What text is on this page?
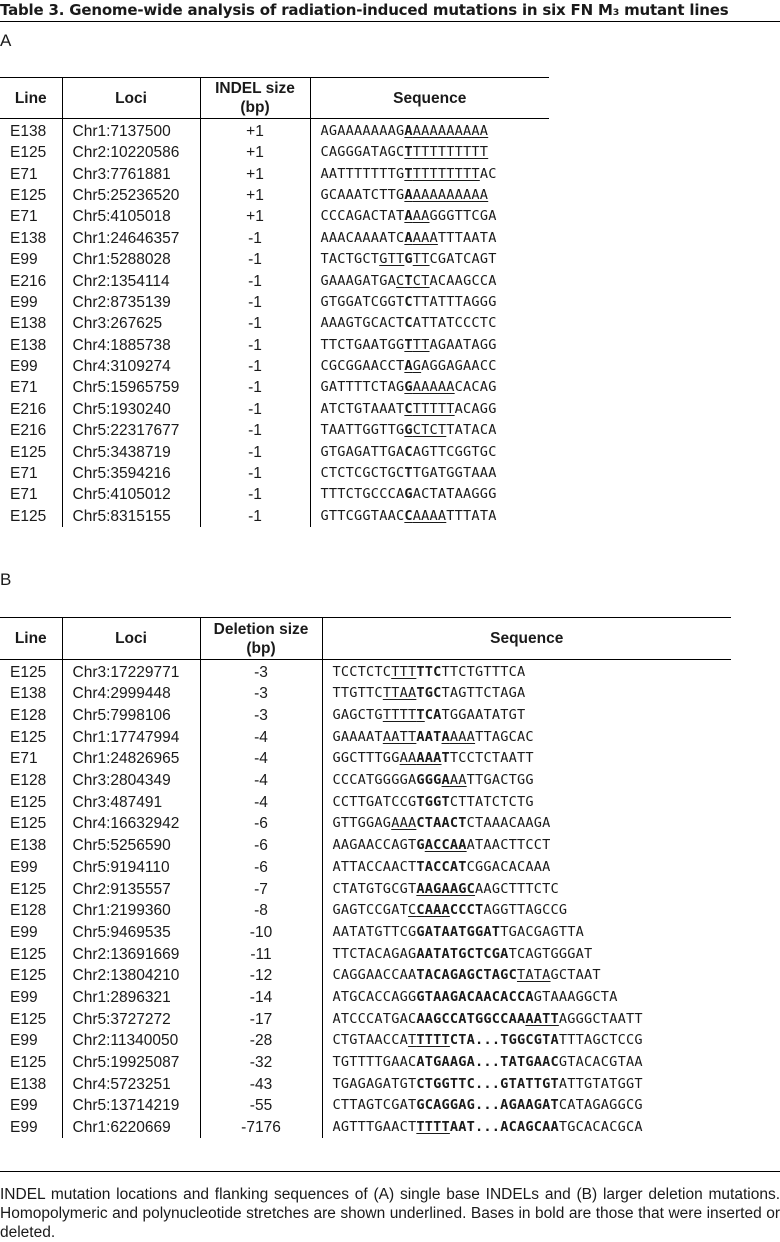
Table 3. Genome-wide analysis of radiation-induced mutations in six FN M₃ mutant lines
A
Line	Loci	INDEL size (bp)	Sequence
E138	Chr1:7137500	+1	AGAAAAAAAGAAAAAAAAAA
E125	Chr2:10220586	+1	CAGGGATAGCTTTTTTTTTT
E71	Chr3:7761881	+1	AATTTTTTTGTTTTTTTTTAC
E125	Chr5:25236520	+1	GCAAATCTTGAAAAAAAAAA
E71	Chr5:4105018	+1	CCCAGACTATAAAGGGTTCGA
E138	Chr1:24646357	-1	AAACAAAATCAAAATTTAATA
E99	Chr1:5288028	-1	TACTGCTGTTGTTCGATCAGT
E216	Chr2:1354114	-1	GAAAGATGACTCTACAAGCCA
E99	Chr2:8735139	-1	GTGGATCGGTCTTATTTAGGG
E138	Chr3:267625	-1	AAAGTGCACTCATTATCCCTC
E138	Chr4:1885738	-1	TTCTGAATGGTTTAGAATAGG
E99	Chr4:3109274	-1	CGCGGAACCTAGAGGAGAACC
E71	Chr5:15965759	-1	GATTTTCTAGGAAAAACACAG
E216	Chr5:1930240	-1	ATCTGTAAATCTTTTTACAGG
E216	Chr5:22317677	-1	TAATTGGTTGGCTCTTATACA
E125	Chr5:3438719	-1	GTGAGATTGACAGTTCGGTGC
E71	Chr5:3594216	-1	CTCTCGCTGCTTGATGGTAAA
E71	Chr5:4105012	-1	TTTCTGCCCAGACTATAAGGG
E125	Chr5:8315155	-1	GTTCGGTAACCAAAATTTATA
B
Line	Loci	Deletion size (bp)	Sequence
E125	Chr3:17229771	-3	TCCTCTCTTTTTCTTCTGTTTCA
E138	Chr4:2999448	-3	TTGTTCTTAATGCTAGTTCTAGA
E128	Chr5:7998106	-3	GAGCTGTTTTTCATGGAATATGT
E125	Chr1:17747994	-4	GAAAATAATTAATAAAATTAGCAC
E71	Chr1:24826965	-4	GGCTTTGGAAAAATTCCTCTAATT
E128	Chr3:2804349	-4	CCCATGGGGAGGGAAATTGACTGG
E125	Chr3:487491	-4	CCTTGATCCGTGGTCTTATCTCTG
E125	Chr4:16632942	-6	GTTGGAGAAACTAACTCTAAACAAGA
E138	Chr5:5256590	-6	AAGAACCAGTGACCAAATAACTTCCT
E99	Chr5:9194110	-6	ATTACCAACTTACCATCGGACACAAA
E125	Chr2:9135557	-7	CTATGTGCGTAAGAAGCAAGCTTTCTC
E128	Chr1:2199360	-8	GAGTCCGATCCAAACCCTAGGTTAGCCG
E99	Chr5:9469535	-10	AATATGTTCGGATAATGGATTGACGAGTTA
E125	Chr2:13691669	-11	TTCTACAGAGAATATGCTCGATCAGTGGGAT
E125	Chr2:13804210	-12	CAGGAACCAATACAGAGCTAGCTATAGCTAAT
E99	Chr1:2896321	-14	ATGCACCAGGGTAAGACAACACCAGTAAAGGCTA
E125	Chr5:3727272	-17	ATCCCATGACAAGCCATGGCCAAAATTAGGGCTAATT
E99	Chr2:11340050	-28	CTGTAACCATTTTTCTA...TGGCGTATTTAGCTCCG
E125	Chr5:19925087	-32	TGTTTTGAACATGAAGA...TATGAACGTACACGTAA
E138	Chr4:5723251	-43	TGAGAGATGTCTGGTTC...GTATTGTATTGTATGGT
E99	Chr5:13714219	-55	CTTAGTCGATGCAGGAG...AGAAGATCATAGAGGCG
E99	Chr1:6220669	-7176	AGTTTGAACTTTTTAAT...ACAGCAATGCACACGCA
INDEL mutation locations and flanking sequences of (A) single base INDELs and (B) larger deletion mutations. Homopolymeric and polynucleotide stretches are shown underlined. Bases in bold are those that were inserted or deleted.
